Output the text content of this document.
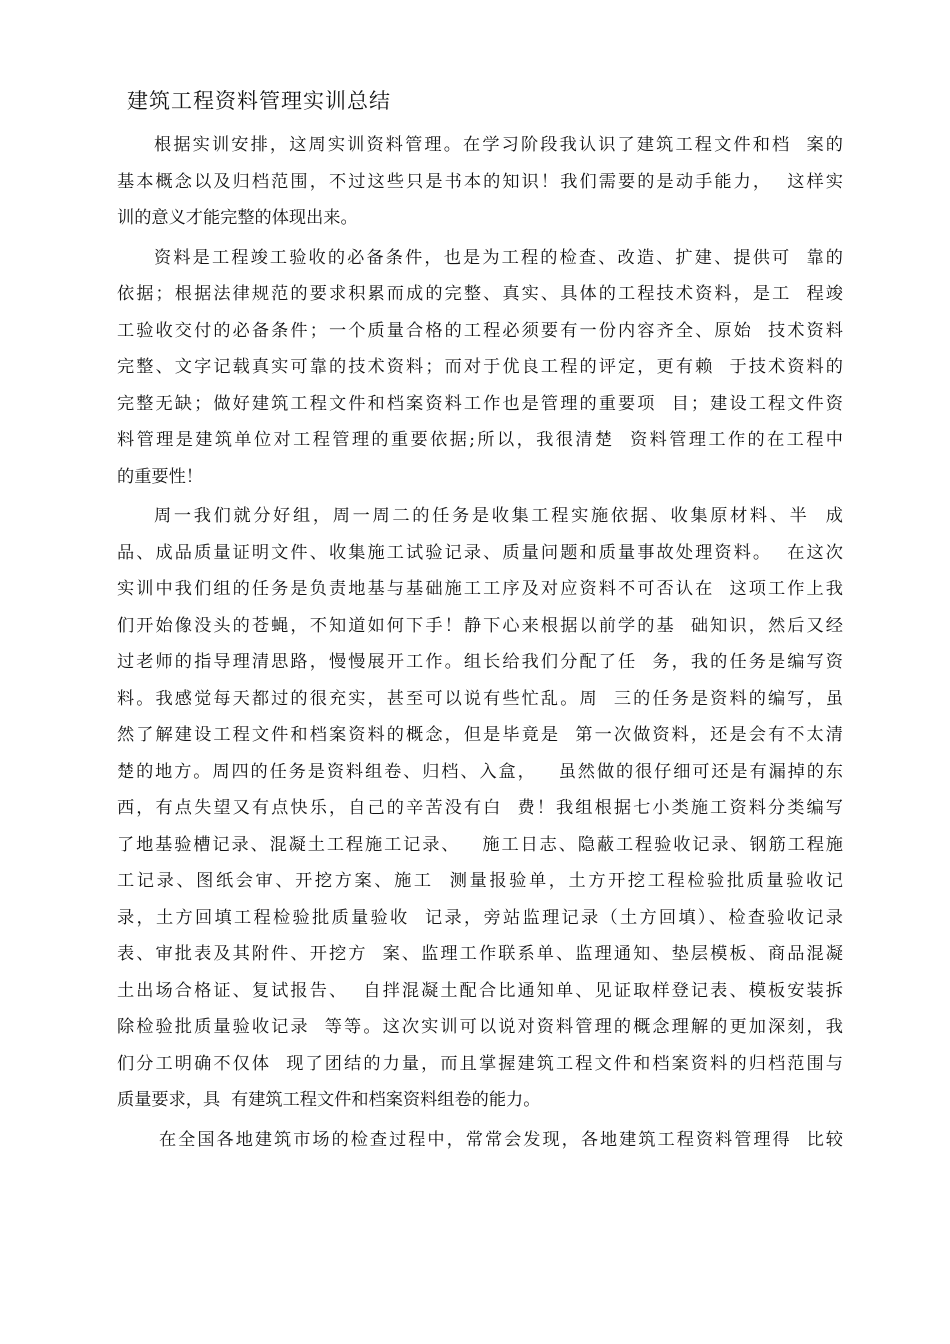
建筑工程资料管理实训总结
根据实训安排，这周实训资料管理。在学习阶段我认识了建筑工程文件和档  案的
基本概念以及归档范围，不过这些只是书本的知识！我们需要的是动手能力，  这样实
训的意义才能完整的体现出来。
资料是工程竣工验收的必备条件，也是为工程的检查、改造、扩建、提供可  靠的
依据；根据法律规范的要求积累而成的完整、真实、具体的工程技术资料，是工  程竣
工验收交付的必备条件；一个质量合格的工程必须要有一份内容齐全、原始  技术资料
完整、文字记载真实可靠的技术资料；而对于优良工程的评定，更有赖  于技术资料的
完整无缺；做好建筑工程文件和档案资料工作也是管理的重要项  目；建设工程文件资
料管理是建筑单位对工程管理的重要依据;所以，我很清楚  资料管理工作的在工程中
的重要性！
周一我们就分好组，周一周二的任务是收集工程实施依据、收集原材料、半  成
品、成品质量证明文件、收集施工试验记录、质量问题和质量事故处理资料。  在这次
实训中我们组的任务是负责地基与基础施工工序及对应资料不可否认在  这项工作上我
们开始像没头的苍蝇，不知道如何下手！静下心来根据以前学的基  础知识，然后又经
过老师的指导理清思路，慢慢展开工作。组长给我们分配了任  务，我的任务是编写资
料。我感觉每天都过的很充实，甚至可以说有些忙乱。周  三的任务是资料的编写，虽
然了解建设工程文件和档案资料的概念，但是毕竟是  第一次做资料，还是会有不太清
楚的地方。周四的任务是资料组卷、归档、入盒，   虽然做的很仔细可还是有漏掉的东
西，有点失望又有点快乐，自己的辛苦没有白  费！我组根据七小类施工资料分类编写
了地基验槽记录、混凝土工程施工记录、   施工日志、隐蔽工程验收记录、钢筋工程施
工记录、图纸会审、开挖方案、施工  测量报验单，土方开挖工程检验批质量验收记
录，土方回填工程检验批质量验收  记录，旁站监理记录（土方回填）、检查验收记录
表、审批表及其附件、开挖方  案、监理工作联系单、监理通知、垫层模板、商品混凝
土出场合格证、复试报告、  自拌混凝土配合比通知单、见证取样登记表、模板安装拆
除检验批质量验收记录  等等。这次实训可以说对资料管理的概念理解的更加深刻，我
们分工明确不仅体  现了团结的力量，而且掌握建筑工程文件和档案资料的归档范围与
质量要求，具  有建筑工程文件和档案资料组卷的能力。
在全国各地建筑市场的检查过程中，常常会发现，各地建筑工程资料管理得  比较
